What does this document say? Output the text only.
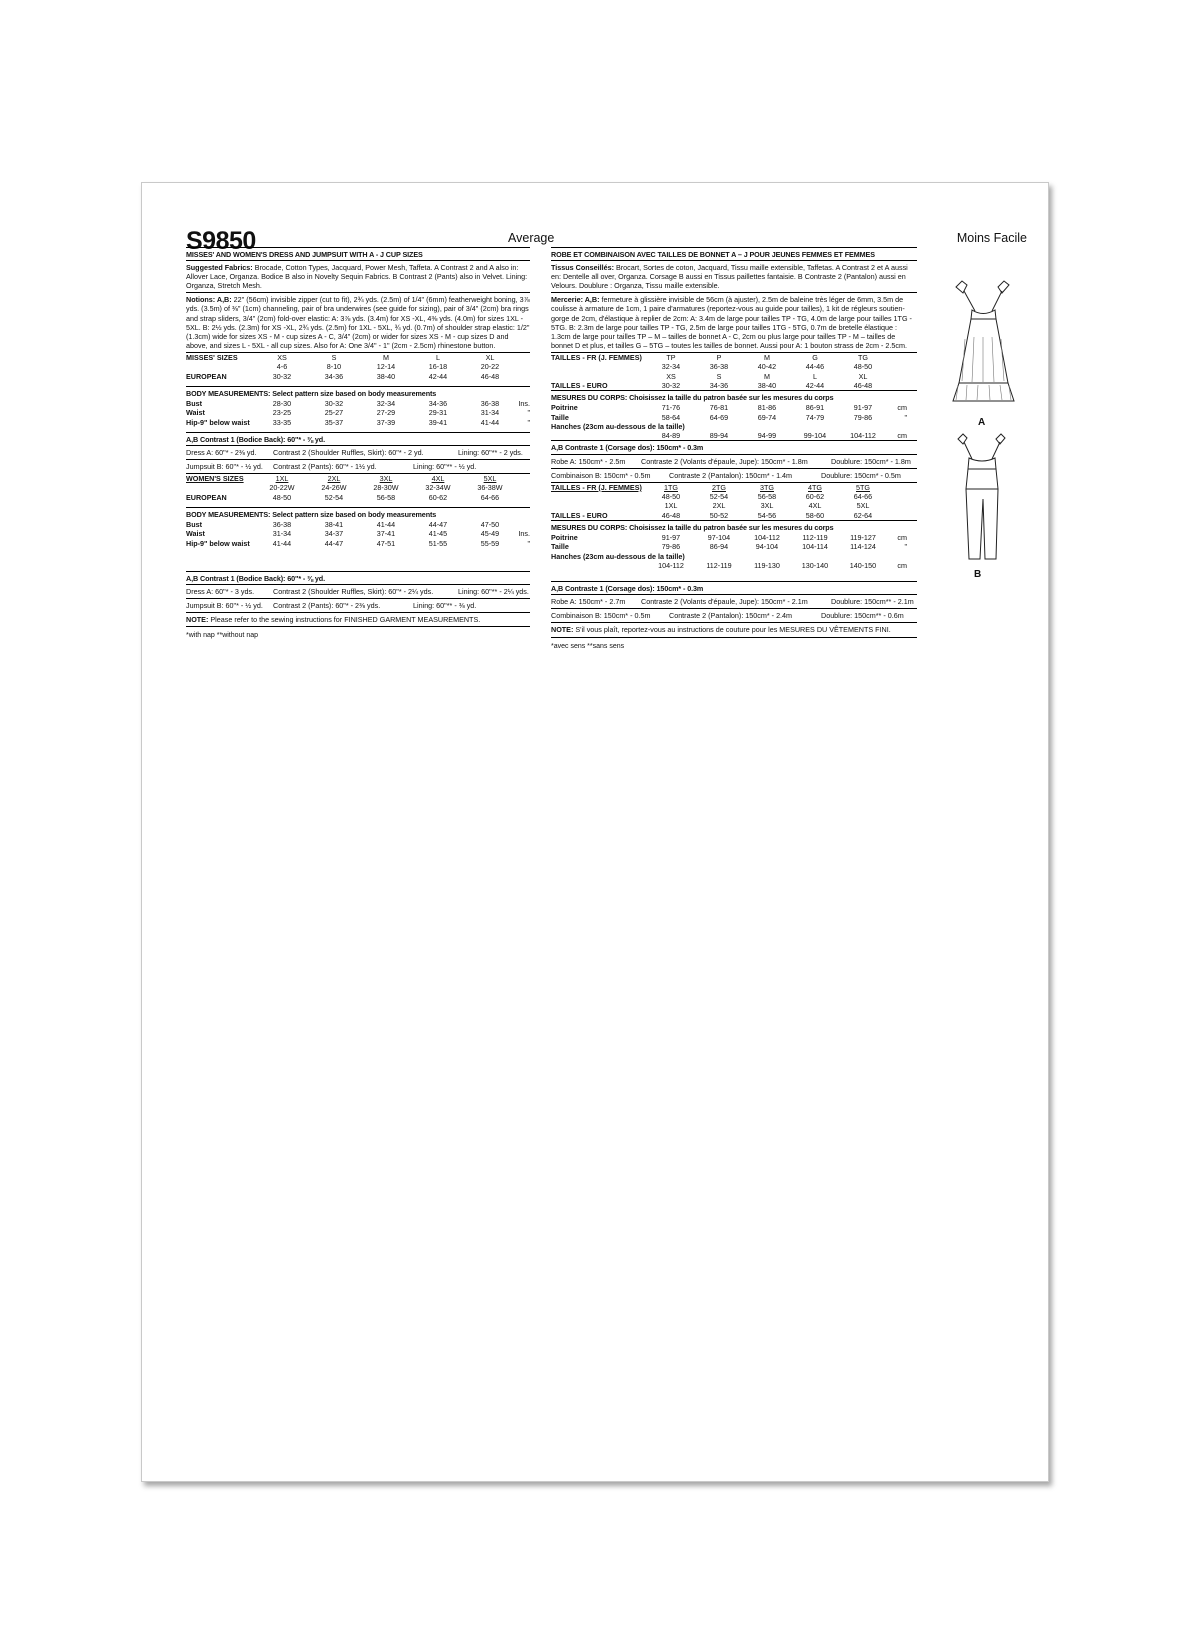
S9850	Average	Moins Facile
MISSES' AND WOMEN'S DRESS AND JUMPSUIT WITH A - J CUP SIZES
Suggested Fabrics: Brocade, Cotton Types, Jacquard, Power Mesh, Taffeta. A Contrast 2 and A also in: Allover Lace, Organza. Bodice B also in Novelty Sequin Fabrics. B Contrast 2 (Pants) also in Velvet. Lining: Organza, Stretch Mesh.
Notions: A,B: 22" (56cm) invisible zipper (cut to fit), 2¾ yds. (2.5m) of 1/4" (6mm) featherweight boning, 3⅞ yds. (3.5m) of ⅜" (1cm) channeling, pair of bra underwires (see guide for sizing), pair of 3/4" (2cm) bra rings and strap sliders, 3/4" (2cm) fold-over elastic: A: 3⅞ yds. (3.4m) for XS -XL, 4⅜ yds. (4.0m) for sizes 1XL - 5XL. B: 2½ yds. (2.3m) for XS -XL, 2¾ yds. (2.5m) for 1XL - 5XL, ¾ yd. (0.7m) of shoulder strap elastic: 1/2" (1.3cm) wide for sizes XS - M - cup sizes A - C, 3/4" (2cm) or wider for sizes XS - M - cup sizes D and above, and sizes L - 5XL - all cup sizes. Also for A: One 3/4" - 1" (2cm - 2.5cm) rhinestone button.
MISSES' SIZES	XS	S	M	L	XL
4-6	8-10	12-14	16-18	20-22
EUROPEAN	30-32	34-36	38-40	42-44	46-48
BODY MEASUREMENTS: Select pattern size based on body measurements
Bust	28-30	30-32	32-34	34-36	36-38	Ins.
Waist	23-25	25-27	27-29	29-31	31-34	"
Hip-9" below waist	33-35	35-37	37-39	39-41	41-44	"
A,B Contrast 1 (Bodice Back): 60"* - ⅜ yd.
Dress A: 60"* - 2⅜ yd.	Contrast 2 (Shoulder Ruffles, Skirt): 60"* - 2 yd.	Lining: 60"** - 2 yds.
Jumpsuit B: 60"* - ½ yd.	Contrast 2 (Pants): 60"* - 1½ yd.	Lining: 60"** - ½ yd.
WOMEN'S SIZES	1XL	2XL	3XL	4XL	5XL
20-22W	24-26W	28-30W	32-34W	36-38W
EUROPEAN	48-50	52-54	56-58	60-62	64-66
BODY MEASUREMENTS: Select pattern size based on body measurements
Bust	36-38	38-41	41-44	44-47	47-50
Waist	31-34	34-37	37-41	41-45	45-49	Ins.
Hip-9" below waist	41-44	44-47	47-51	51-55	55-59	"
A,B Contrast 1 (Bodice Back): 60"* - ⅜ yd.
Dress A: 60"* - 3 yds.	Contrast 2 (Shoulder Ruffles, Skirt): 60"* - 2¼ yds.	Lining: 60"** - 2¼ yds.
Jumpsuit B: 60"* - ½ yd.	Contrast 2 (Pants): 60"* - 2⅜ yds.	Lining: 60"** - ⅜ yd.
NOTE: Please refer to the sewing instructions for FINISHED GARMENT MEASUREMENTS.
*with nap **without nap
ROBE ET COMBINAISON AVEC TAILLES DE BONNET A – J POUR JEUNES FEMMES ET FEMMES
Tissus Conseillés: Brocart, Sortes de coton, Jacquard, Tissu maille extensible, Taffetas. A Contrast 2 et A aussi en: Dentelle all over, Organza. Corsage B aussi en Tissus paillettes fantaisie. B Contraste 2 (Pantalon) aussi en Velours. Doublure : Organza, Tissu maille extensible.
Mercerie: A,B: fermeture à glissière invisible de 56cm (à ajuster), 2.5m de baleine très léger de 6mm, 3.5m de coulisse à armature de 1cm, 1 paire d'armatures (reportez-vous au guide pour tailles), 1 kit de régleurs soutien-gorge de 2cm, d'élastique à replier de 2cm: A: 3.4m de large pour tailles TP - TG, 4.0m de large pour tailles 1TG - 5TG. B: 2.3m de large pour tailles TP - TG, 2.5m de large pour tailles 1TG - 5TG, 0.7m de bretelle élastique : 1.3cm de large pour tailles TP – M – tailles de bonnet A - C, 2cm ou plus large pour tailles TP - M – tailles de bonnet D et plus, et tailles G – 5TG – toutes les tailles de bonnet. Aussi pour A: 1 bouton strass de 2cm - 2.5cm.
TAILLES - FR (J. FEMMES)	TP	P	M	G	TG
32-34	36-38	40-42	44-46	48-50
XS	S	M	L	XL
TAILLES - EURO	30-32	34-36	38-40	42-44	46-48
MESURES DU CORPS: Choisissez la taille du patron basée sur les mesures du corps
Poitrine	71-76	76-81	81-86	86-91	91-97	cm
Taille	58-64	64-69	69-74	74-79	79-86	"
Hanches (23cm au-dessous de la taille)
84-89	89-94	94-99	99-104	104-112	cm
A,B Contraste 1 (Corsage dos): 150cm* - 0.3m
Robe A: 150cm* - 2.5m	Contraste 2 (Volants d'épaule, Jupe): 150cm* - 1.8m	Doublure: 150cm* - 1.8m
Combinaison B: 150cm* - 0.5m	Contraste 2 (Pantalon): 150cm* - 1.4m	Doublure: 150cm* - 0.5m
TAILLES - FR (J. FEMMES)	1TG	2TG	3TG	4TG	5TG
48-50	52-54	56-58	60-62	64-66
1XL	2XL	3XL	4XL	5XL
TAILLES - EURO	46-48	50-52	54-56	58-60	62-64
MESURES DU CORPS: Choisissez la taille du patron basée sur les mesures du corps
Poitrine	91-97	97-104	104-112	112-119	119-127	cm
Taille	79-86	86-94	94-104	104-114	114-124	"
Hanches (23cm au-dessous de la taille)
104-112	112-119	119-130	130-140	140-150	cm
A,B Contraste 1 (Corsage dos): 150cm* - 0.3m
Robe A: 150cm* - 2.7m	Contraste 2 (Volants d'épaule, Jupe): 150cm* - 2.1m	Doublure: 150cm** - 2.1m
Combinaison B: 150cm* - 0.5m	Contraste 2 (Pantalon): 150cm* - 2.4m	Doublure: 150cm** - 0.6m
NOTE: S'il vous plaît, reportez-vous au instructions de couture pour les MESURES DU VÊTEMENTS FINI.
*avec sens **sans sens
A
B
